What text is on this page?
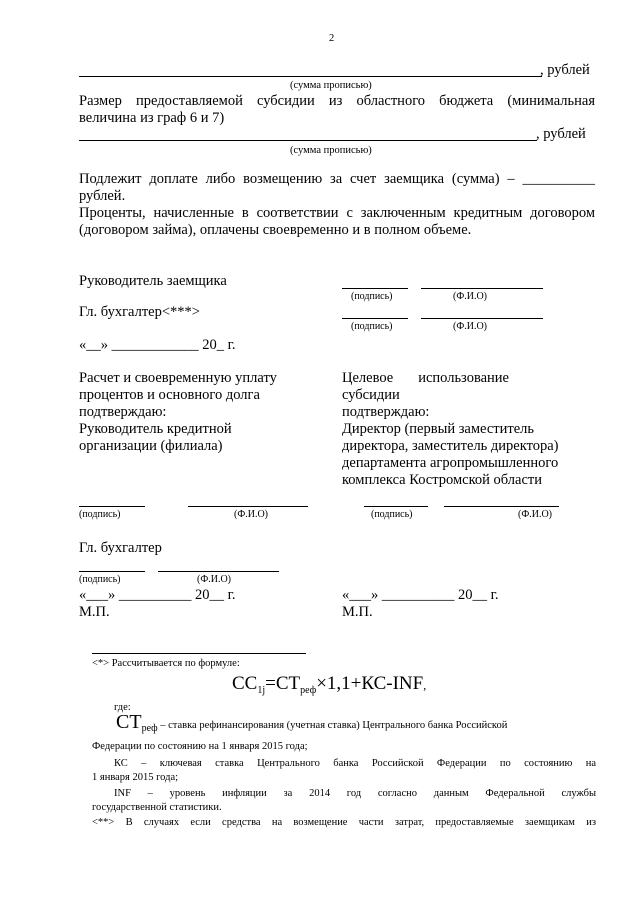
2
, рублей
(сумма прописью)
Размер предоставляемой субсидии из областного бюджета (минимальная
величина из граф 6 и 7)
, рублей
(сумма прописью)
Подлежит доплате либо возмещению за счет заемщика (сумма) – __________
рублей.
Проценты, начисленные в соответствии с заключенным кредитным договором
(договором займа), оплачены своевременно и в полном объеме.
Руководитель заемщика
(подпись)	(Ф.И.О)
Гл. бухгалтер<***>
(подпись)	(Ф.И.О)
«__» ____________ 20_ г.
Расчет и своевременную уплату
процентов и основного долга
подтверждаю:
Руководитель кредитной
организации (филиала)
Целевое использование
субсидии
подтверждаю:
Директор (первый заместитель
директора, заместитель директора)
департамента агропромышленного
комплекса Костромской области
(подпись)	(Ф.И.О)	(подпись)	(Ф.И.О)
Гл. бухгалтер
(подпись)	(Ф.И.О)
«___» __________ 20__ г.
М.П.
«___» __________ 20__ г.
М.П.
<*> Рассчитывается по формуле:
$СС_{1j}=СТ_{реф}\times 1,1+КС$-INF,
где:
$СТ_{реф}$ – ставка рефинансирования (учетная ставка) Центрального банка Российской
Федерации по состоянию на 1 января 2015 года;
КС – ключевая ставка Центрального банка Российской Федерации по состоянию на
1 января 2015 года;
INF – уровень инфляции за 2014 год согласно данным Федеральной службы
государственной статистики.
<**> В случаях если средства на возмещение части затрат, предоставляемые заемщикам из
